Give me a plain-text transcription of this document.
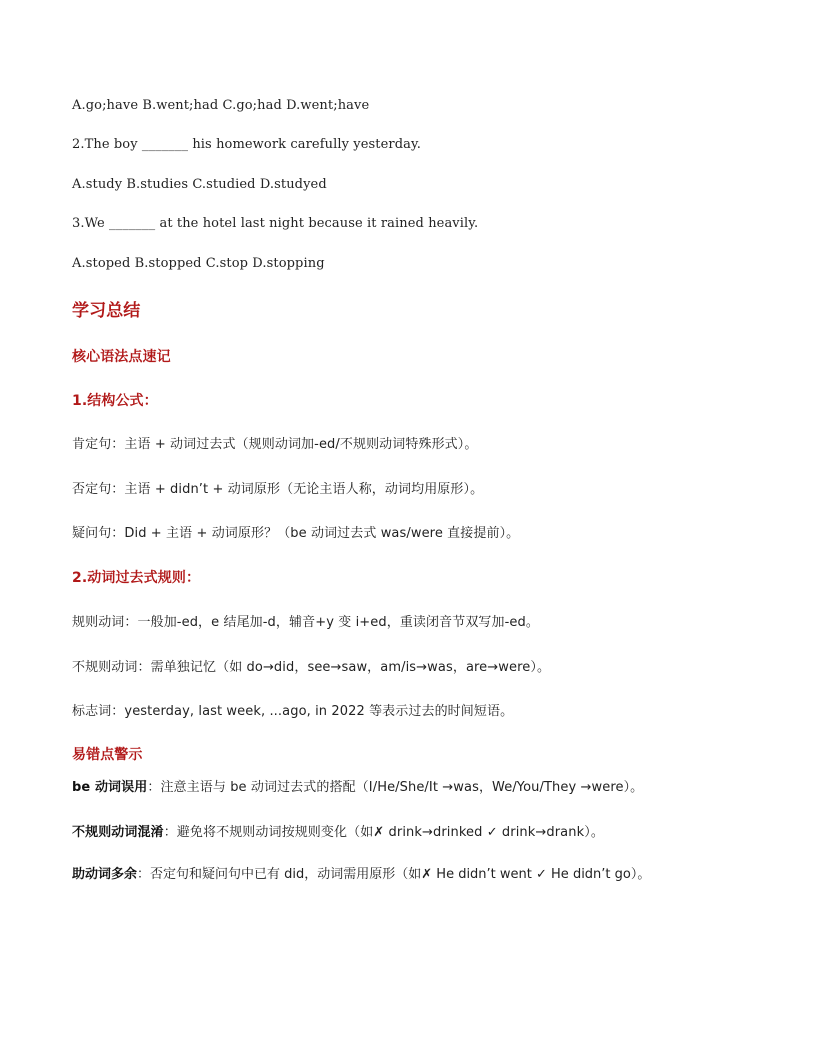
A.go;have B.went;had C.go;had D.went;have
2.The boy _______ his homework carefully yesterday.
A.study B.studies C.studied D.studyed
3.We _______ at the hotel last night because it rained heavily.
A.stoped B.stopped C.stop D.stopping
学习总结
核心语法点速记
1.结构公式：
肯定句：主语 + 动词过去式（规则动词加-ed/不规则动词特殊形式）。
否定句：主语 + didn’t + 动词原形（无论主语人称，动词均用原形）。
疑问句：Did + 主语 + 动词原形？（be 动词过去式 was/were 直接提前）。
2.动词过去式规则：
规则动词：一般加-ed，e 结尾加-d，辅音+y 变 i+ed，重读闭音节双写加-ed。
不规则动词：需单独记忆（如 do→did，see→saw，am/is→was，are→were）。
标志词：yesterday, last week, ...ago, in 2022 等表示过去的时间短语。
易错点警示
be 动词误用：注意主语与 be 动词过去式的搭配（I/He/She/It →was，We/You/They →were）。
不规则动词混淆：避免将不规则动词按规则变化（如✗ drink→drinked ✓ drink→drank）。
助动词多余：否定句和疑问句中已有 did，动词需用原形（如✗ He didn’t went ✓ He didn’t go）。
